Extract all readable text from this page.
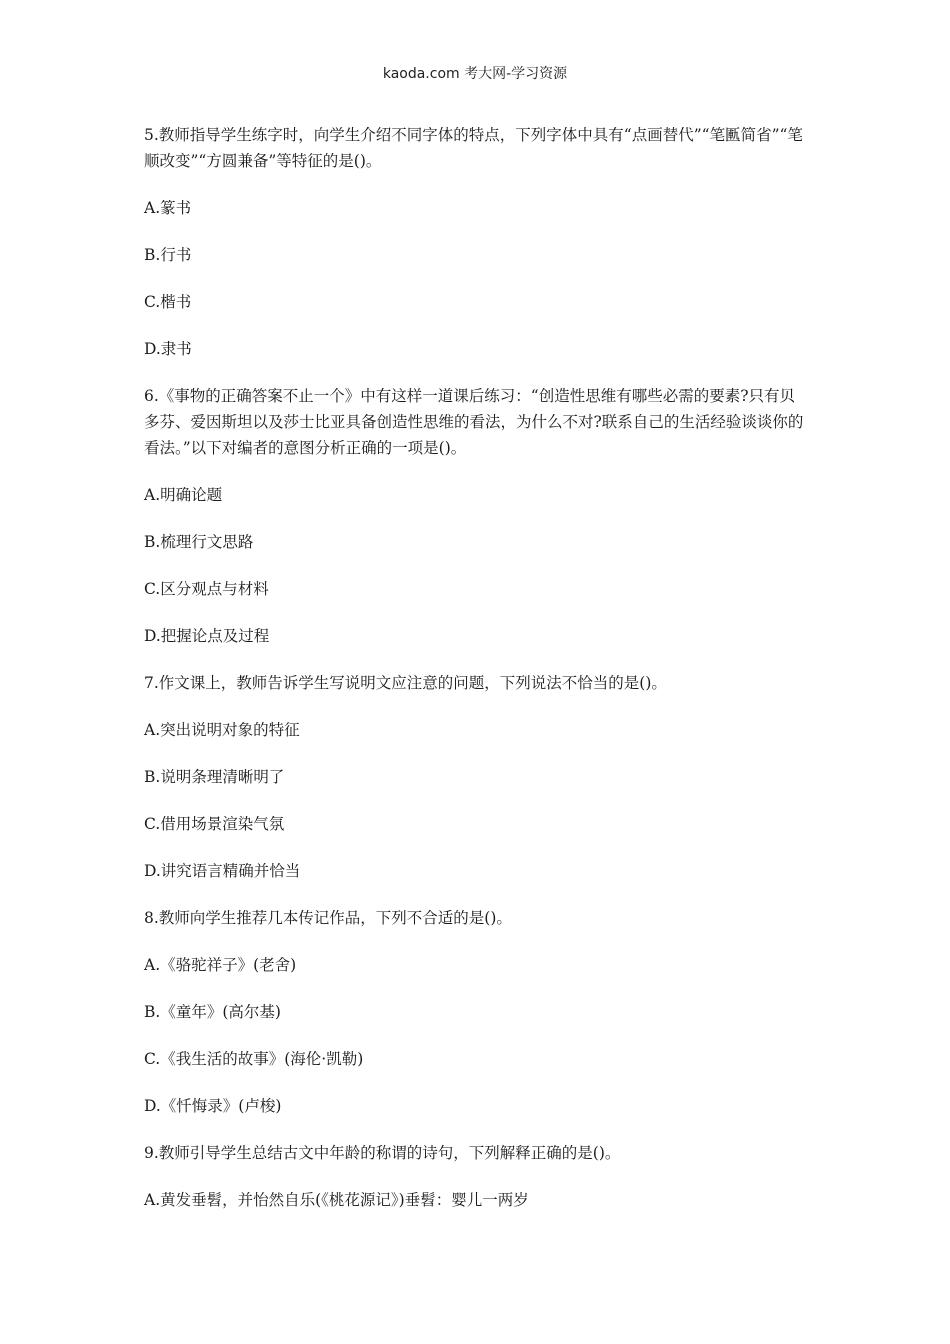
kaoda.com 考大网-学习资源

5.教师指导学生练字时，向学生介绍不同字体的特点，下列字体中具有“点画替代”“笔匭简省”“笔顺改变”“方圆兼备”等特征的是()。

A.篆书

B.行书

C.楷书

D.隶书

6.《事物的正确答案不止一个》中有这样一道课后练习：“创造性思维有哪些必需的要素?只有贝多芬、爱因斯坦以及莎士比亚具备创造性思维的看法，为什么不对?联系自己的生活经验谈谈你的看法。”以下对编者的意图分析正确的一项是()。

A.明确论题

B.梳理行文思路

C.区分观点与材料

D.把握论点及过程

7.作文课上，教师告诉学生写说明文应注意的问题，下列说法不恰当的是()。

A.突出说明对象的特征

B.说明条理清晰明了

C.借用场景渲染气氛

D.讲究语言精确并恰当

8.教师向学生推荐几本传记作品，下列不合适的是()。

A.《骆驼祥子》(老舍)

B.《童年》(高尔基)

C.《我生活的故事》(海伦·凯勒)

D.《忏悔录》(卢梭)

9.教师引导学生总结古文中年龄的称谓的诗句，下列解释正确的是()。

A.黄发垂髫，并怡然自乐(《桃花源记》)垂髫：婴儿一两岁
